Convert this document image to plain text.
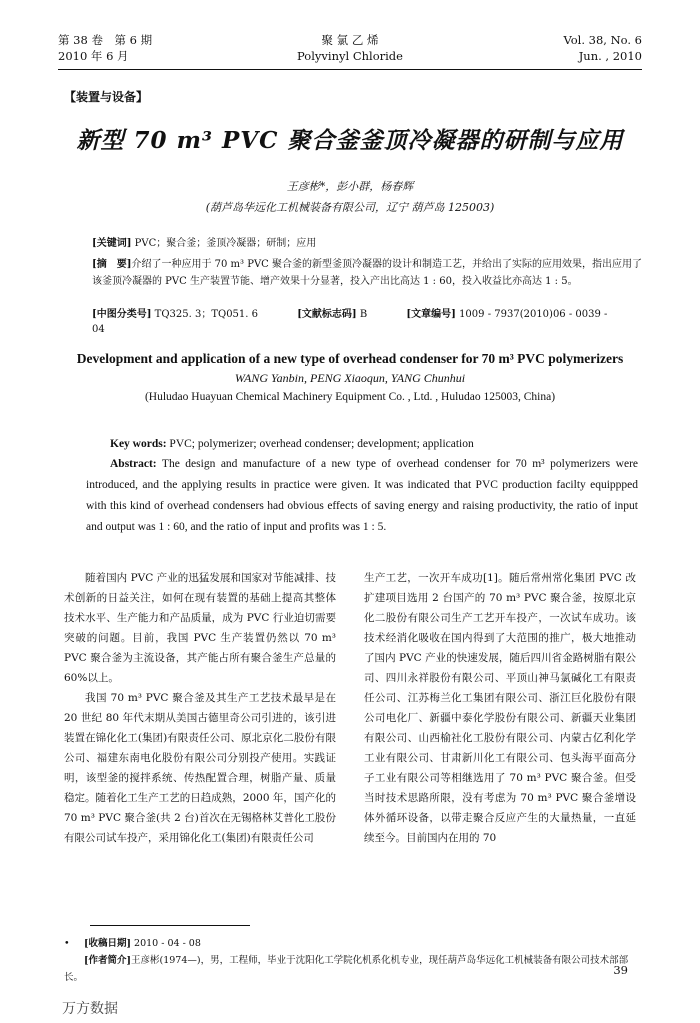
第 38 卷　第 6 期
2010 年 6 月
聚 氯 乙 烯
Polyvinyl Chloride
Vol. 38, No. 6
Jun. , 2010
【装置与设备】
新型 70 m³ PVC 聚合釜釜顶冷凝器的研制与应用
王彦彬*，彭小群，杨春辉
(葫芦岛华远化工机械装备有限公司，辽宁 葫芦岛 125003)
[关键词] PVC；聚合釜；釜顶冷凝器；研制；应用

[摘　要]介绍了一种应用于 70 m³ PVC 聚合釜的新型釜顶冷凝器的设计和制造工艺，并给出了实际的应用效果，指出应用了该釜顶冷凝器的 PVC 生产装置节能、增产效果十分显著，投入产出比高达 1 : 60，投入收益比亦高达 1 : 5。

[中图分类号] TQ325. 3；TQ051. 6	[文献标志码] B	[文章编号] 1009 - 7937(2010)06 - 0039 - 04
Development and application of a new type of overhead condenser for 70 m³ PVC polymerizers
WANG Yanbin, PENG Xiaoqun, YANG Chunhui
(Huludao Huayuan Chemical Machinery Equipment Co. , Ltd. , Huludao 125003, China)
Key words: PVC; polymerizer; overhead condenser; development; application
Abstract: The design and manufacture of a new type of overhead condenser for 70 m³ polymerizers were introduced, and the applying results in practice were given. It was indicated that PVC production facilty equippped with this kind of overhead condensers had obvious effects of saving energy and raising productivity, the ratio of input and output was 1 : 60, and the ratio of input and profits was 1 : 5.

随着国内 PVC 产业的迅猛发展和国家对节能减排、技术创新的日益关注，如何在现有装置的基础上提高其整体技术水平、生产能力和产品质量，成为 PVC 行业迫切需要突破的问题。目前，我国 PVC 生产装置仍然以 70 m³ PVC 聚合釜为主流设备，其产能占所有聚合釜生产总量的 60%以上。

我国 70 m³ PVC 聚合釜及其生产工艺技术最早是在 20 世纪 80 年代末期从美国古德里奇公司引进的，该引进装置在锦化化工(集团)有限责任公司、原北京化二股份有限公司、福建东南电化股份有限公司分别投产使用。实践证明，该型釜的搅拌系统、传热配置合理，树脂产量、质量稳定。随着化工生产工艺的日趋成熟，2000 年，国产化的 70 m³ PVC 聚合釜(共 2 台)首次在无锡格林艾普化工股份有限公司试车投产，采用锦化化工(集团)有限责任公司

生产工艺，一次开车成功[1]。随后常州常化集团 PVC 改扩建项目选用 2 台国产的 70 m³ PVC 聚合釜，按原北京化二股份有限公司生产工艺开车投产，一次试车成功。该技术经消化吸收在国内得到了大范围的推广，极大地推动了国内 PVC 产业的快速发展，随后四川省金路树脂有限公司、四川永祥股份有限公司、平顶山神马氯碱化工有限责任公司、江苏梅兰化工集团有限公司、浙江巨化股份有限公司电化厂、新疆中泰化学股份有限公司、新疆天业集团有限公司、山西榆社化工股份有限公司、内蒙古亿利化学工业有限公司、甘肃新川化工有限公司、包头海平面高分子工业有限公司等相继选用了 70 m³ PVC 聚合釜。但受当时技术思路所限，没有考虑为 70 m³ PVC 聚合釜增设体外循环设备，以带走聚合反应产生的大量热量，一直延续至今。目前国内在用的 70

• [收稿日期] 2010 - 04 - 08
[作者简介]王彦彬(1974—)，男，工程师，毕业于沈阳化工学院化机系化机专业，现任葫芦岛华远化工机械装备有限公司技术部部长。
39
万方数据
